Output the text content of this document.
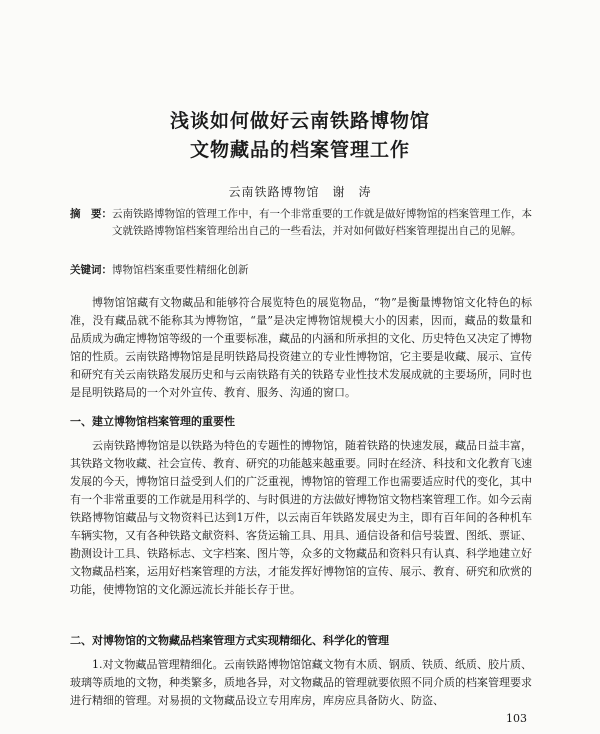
浅谈如何做好云南铁路博物馆
文物藏品的档案管理工作
云南铁路博物馆　谢　涛
摘　要： 云南铁路博物馆的管理工作中，有一个非常重要的工作就是做好博物馆的档案管理工作，本文就铁路博物馆档案管理给出自己的一些看法，并对如何做好档案管理提出自己的见解。
关键词：博物馆档案重要性精细化创新

博物馆馆藏有文物藏品和能够符合展览特色的展览物品，“物”是衡量博物馆文化特色的标准，没有藏品就不能称其为博物馆，“量”是决定博物馆规模大小的因素，因而，藏品的数量和品质成为确定博物馆等级的一个重要标准，藏品的内涵和所承担的文化、历史特色又决定了博物馆的性质。云南铁路博物馆是昆明铁路局投资建立的专业性博物馆，它主要是收藏、展示、宣传和研究有关云南铁路发展历史和与云南铁路有关的铁路专业性技术发展成就的主要场所，同时也是昆明铁路局的一个对外宣传、教育、服务、沟通的窗口。

一、建立博物馆档案管理的重要性

云南铁路博物馆是以铁路为特色的专题性的博物馆，随着铁路的快速发展，藏品日益丰富，其铁路文物收藏、社会宣传、教育、研究的功能越来越重要。同时在经济、科技和文化教育飞速发展的今天，博物馆日益受到人们的广泛重视，博物馆的管理工作也需要适应时代的变化，其中有一个非常重要的工作就是用科学的、与时俱进的方法做好博物馆文物档案管理工作。如今云南铁路博物馆藏品与文物资料已达到1万件，以云南百年铁路发展史为主，即有百年间的各种机车车辆实物，又有各种铁路文献资料、客货运输工具、用具、通信设备和信号装置、图纸、票证、勘测设计工具、铁路标志、文字档案、图片等，众多的文物藏品和资料只有认真、科学地建立好文物藏品档案，运用好档案管理的方法，才能发挥好博物馆的宣传、展示、教育、研究和欣赏的功能，使博物馆的文化源远流长并能长存于世。

二、对博物馆的文物藏品档案管理方式实现精细化、科学化的管理

1.对文物藏品管理精细化。云南铁路博物馆馆藏文物有木质、钢质、铁质、纸质、胶片质、玻璃等质地的文物，种类繁多，质地各异，对文物藏品的管理就要依照不同介质的档案管理要求进行精细的管理。对易损的文物藏品设立专用库房，库房应具备防火、防盗、

103
